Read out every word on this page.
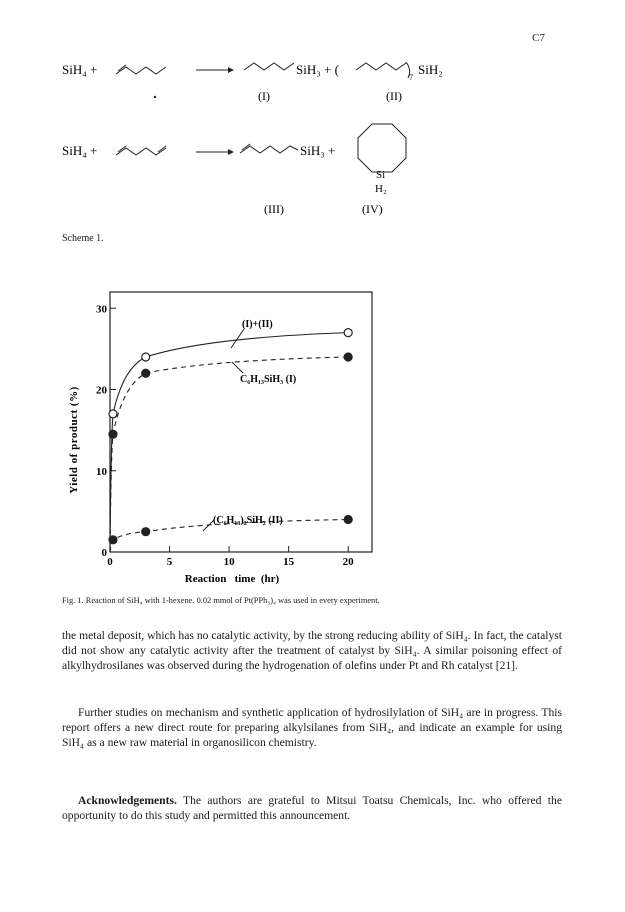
C7
SiH₄ +	SiH₃ + (
7
SiH₂
(I)	(II)
SiH₄ +	SiH₃ +
Si
H₂
(III)	(IV)
Scheme 1.
0	5	10	15	20
0
10
20
30
Yield of product (%)
Reaction   time  (hr)
(I)+(II)
C₆H₁₃SiH₃ (I)
(C₆H₁₃)₂SiH₂ (II)
Fig. 1. Reaction of SiH₄ with 1-hexene. 0.02 mmol of Pt(PPh₃)₄ was used in every experiment.

the metal deposit, which has no catalytic activity, by the strong reducing ability of SiH₄. In fact, the catalyst did not show any catalytic activity after the treatment of catalyst by SiH₄. A similar poisoning effect of alkylhydrosilanes was observed during the hydrogenation of olefins under Pt and Rh catalyst [21].

Further studies on mechanism and synthetic application of hydrosilylation of SiH₄ are in progress. This report offers a new direct route for preparing alkylsilanes from SiH₄, and indicate an example for using SiH₄ as a new raw material in organosilicon chemistry.

Acknowledgements. The authors are grateful to Mitsui Toatsu Chemicals, Inc. who offered the opportunity to do this study and permitted this announcement.
